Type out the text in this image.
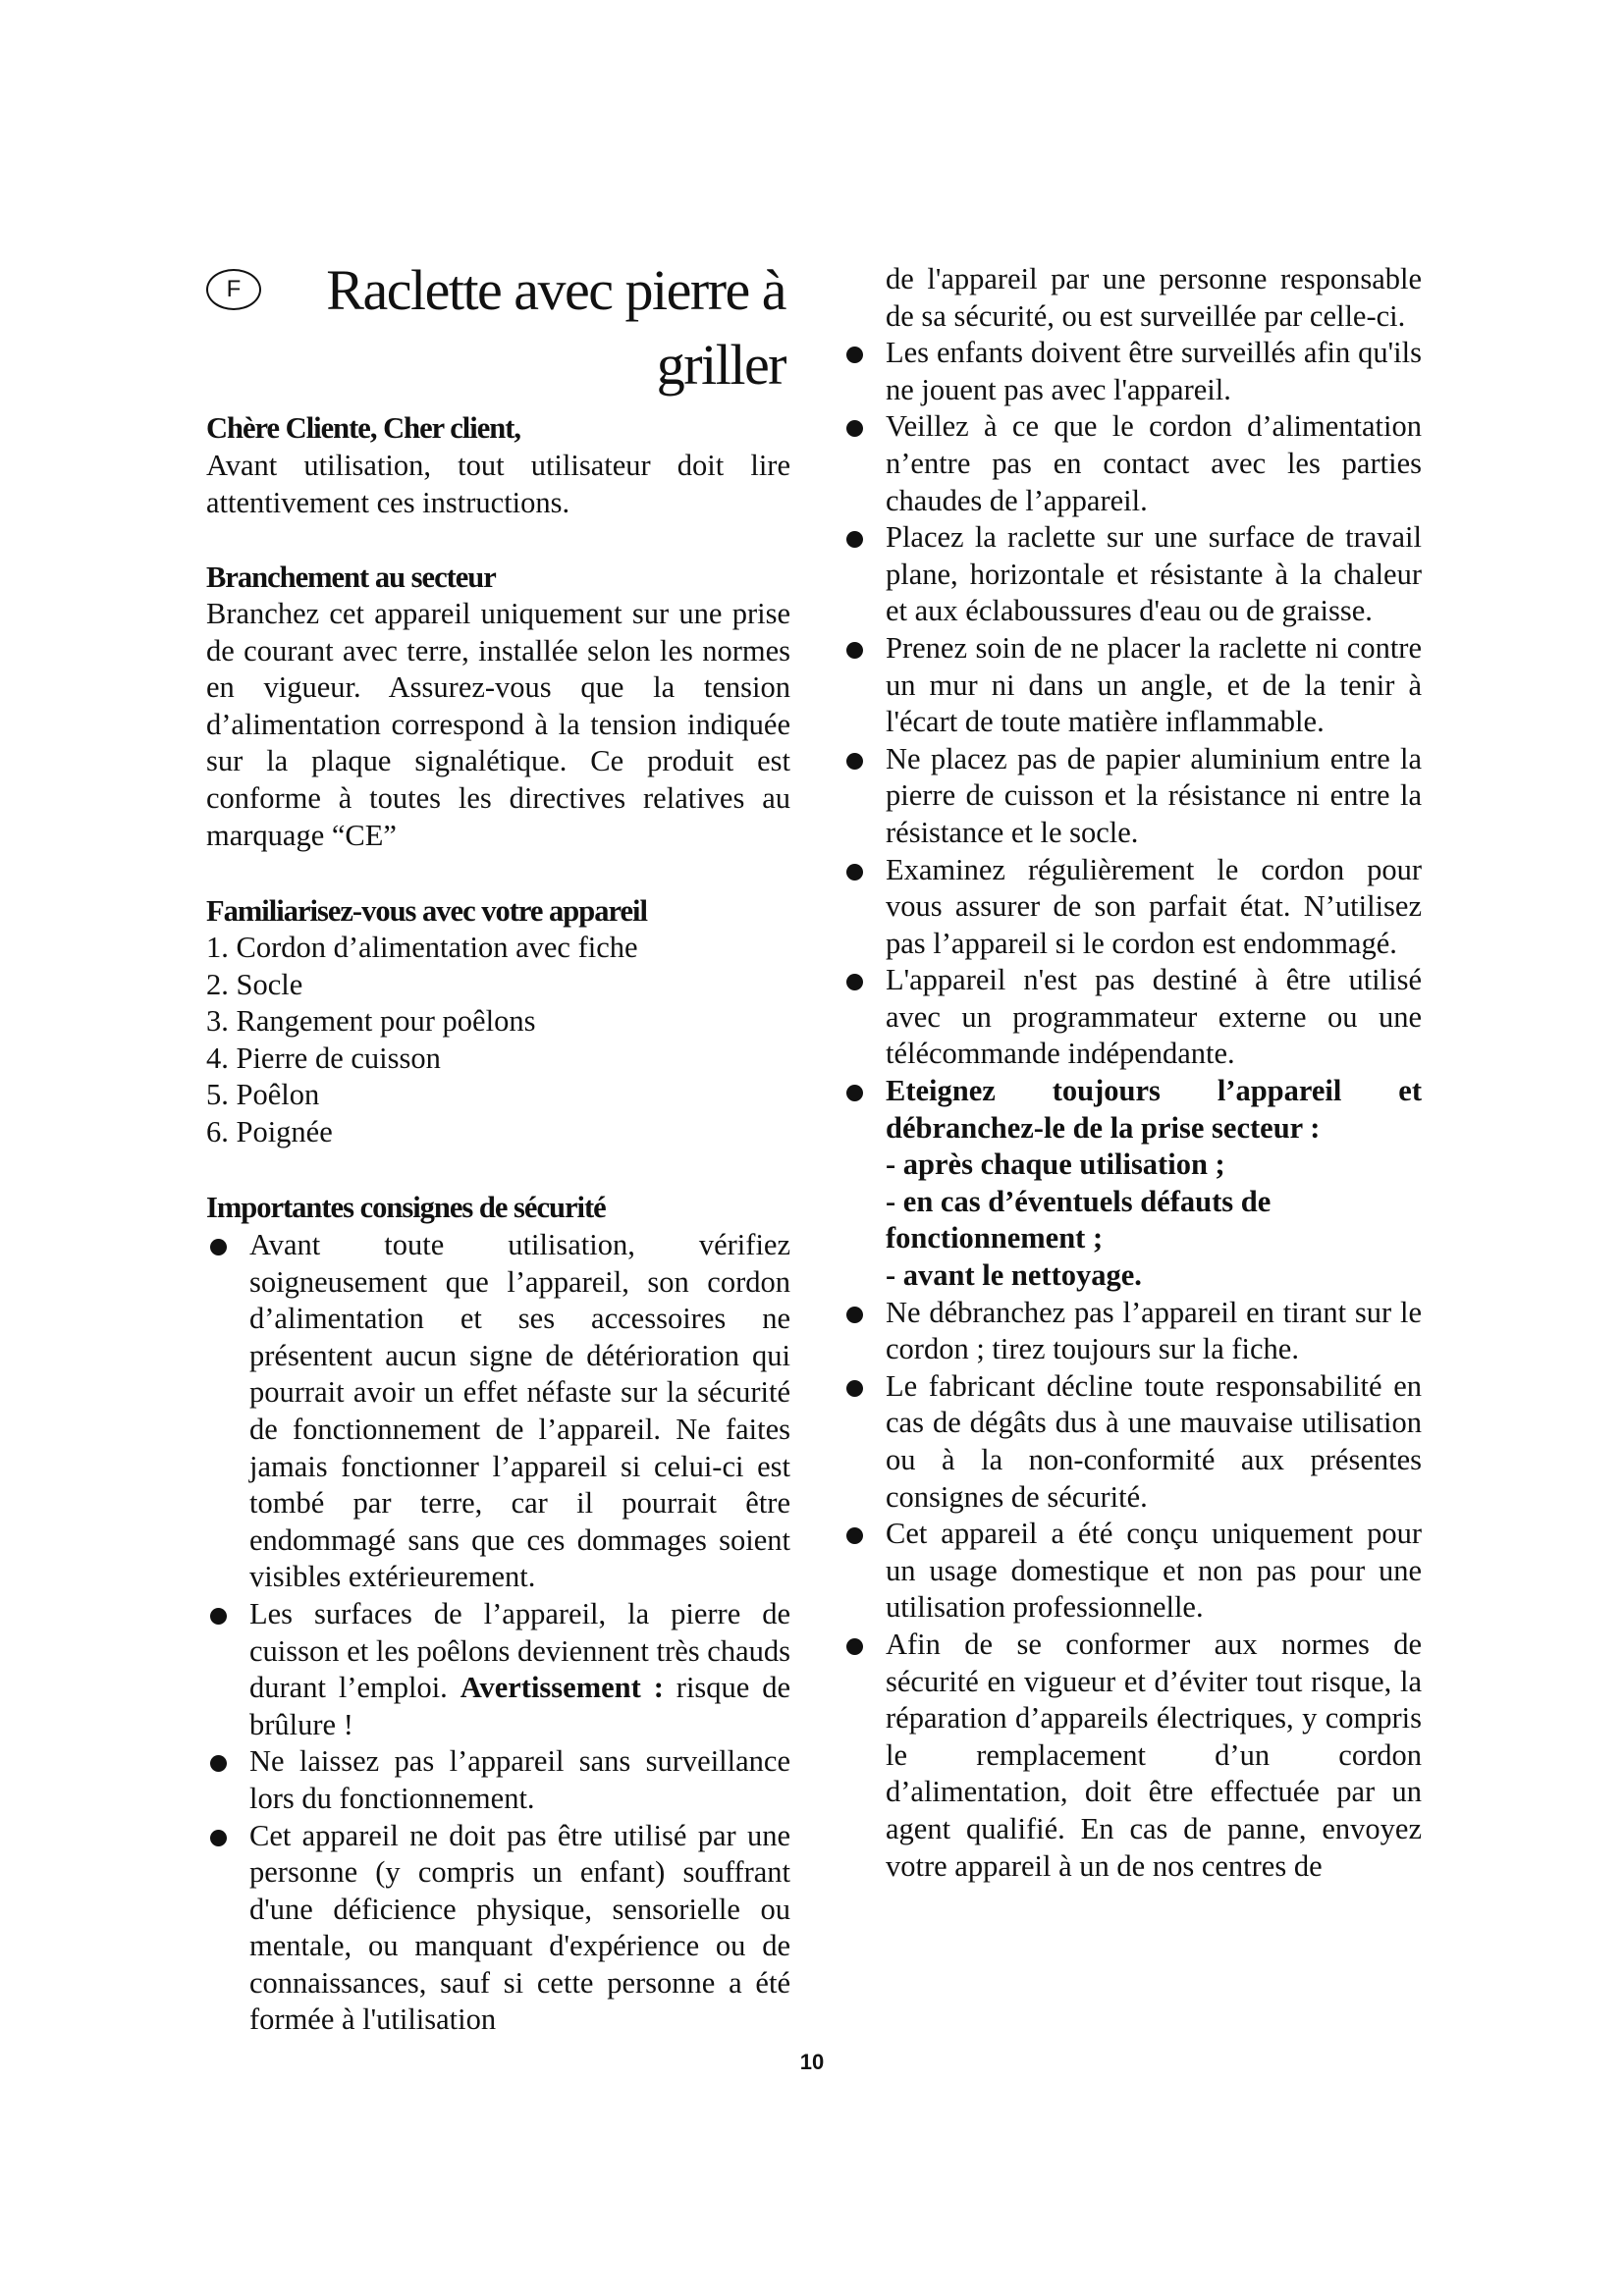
F	Raclette avec pierre à
griller

Chère Cliente, Cher client,

Avant utilisation, tout utilisateur doit lire attentivement ces instructions.

Branchement au secteur

Branchez cet appareil uniquement sur une prise de courant avec terre, installée selon les normes en vigueur. Assurez-vous que la tension d’alimentation correspond à la tension indiquée sur la plaque signalétique. Ce produit est conforme à toutes les directives relatives au marquage “CE”

Familiarisez-vous avec votre appareil

1. Cordon d’alimentation avec fiche
2. Socle
3. Rangement pour poêlons
4. Pierre de cuisson
5. Poêlon
6. Poignée

Importantes consignes de sécurité

Avant toute utilisation, vérifiez soigneusement que l’appareil, son cordon d’alimentation et ses accessoires ne présentent aucun signe de détérioration qui pourrait avoir un effet néfaste sur la sécurité de fonctionnement de l’appareil. Ne faites jamais fonctionner l’appareil si celui-ci est tombé par terre, car il pourrait être endommagé sans que ces dommages soient visibles extérieurement.

Les surfaces de l’appareil, la pierre de cuisson et les poêlons deviennent très chauds durant l’emploi. Avertissement : risque de brûlure !

Ne laissez pas l’appareil sans surveillance lors du fonctionnement.

Cet appareil ne doit pas être utilisé par une personne (y compris un enfant) souffrant d'une déficience physique, sensorielle ou mentale, ou manquant d'expérience ou de connaissances, sauf si cette personne a été formée à l'utilisation

de l'appareil par une personne responsable de sa sécurité, ou est surveillée par celle-ci.

Les enfants doivent être surveillés afin qu'ils ne jouent pas avec l'appareil.

Veillez à ce que le cordon d’alimentation n’entre pas en contact avec les parties chaudes de l’appareil.

Placez la raclette sur une surface de travail plane, horizontale et résistante à la chaleur et aux éclaboussures d'eau ou de graisse.

Prenez soin de ne placer la raclette ni contre un mur ni dans un angle, et de la tenir à l'écart de toute matière inflammable.

Ne placez pas de papier aluminium entre la pierre de cuisson et la résistance ni entre la résistance et le socle.

Examinez régulièrement le cordon pour vous assurer de son parfait état. N’utilisez pas l’appareil si le cordon est endommagé.

L'appareil n'est pas destiné à être utilisé avec un programmateur externe ou une télécommande indépendante.

Eteignez toujours l’appareil et débranchez-le de la prise secteur :

- après chaque utilisation ;

- en cas d’éventuels défauts de fonctionnement ;

- avant le nettoyage.

Ne débranchez pas l’appareil en tirant sur le cordon ; tirez toujours sur la fiche.

Le fabricant décline toute responsabilité en cas de dégâts dus à une mauvaise utilisation ou à la non-conformité aux présentes consignes de sécurité.

Cet appareil a été conçu uniquement pour un usage domestique et non pas pour une utilisation professionnelle.

Afin de se conformer aux normes de sécurité en vigueur et d’éviter tout risque, la réparation d’appareils électriques, y compris le remplacement d’un cordon d’alimentation, doit être effectuée par un agent qualifié. En cas de panne, envoyez votre appareil à un de nos centres de

10
